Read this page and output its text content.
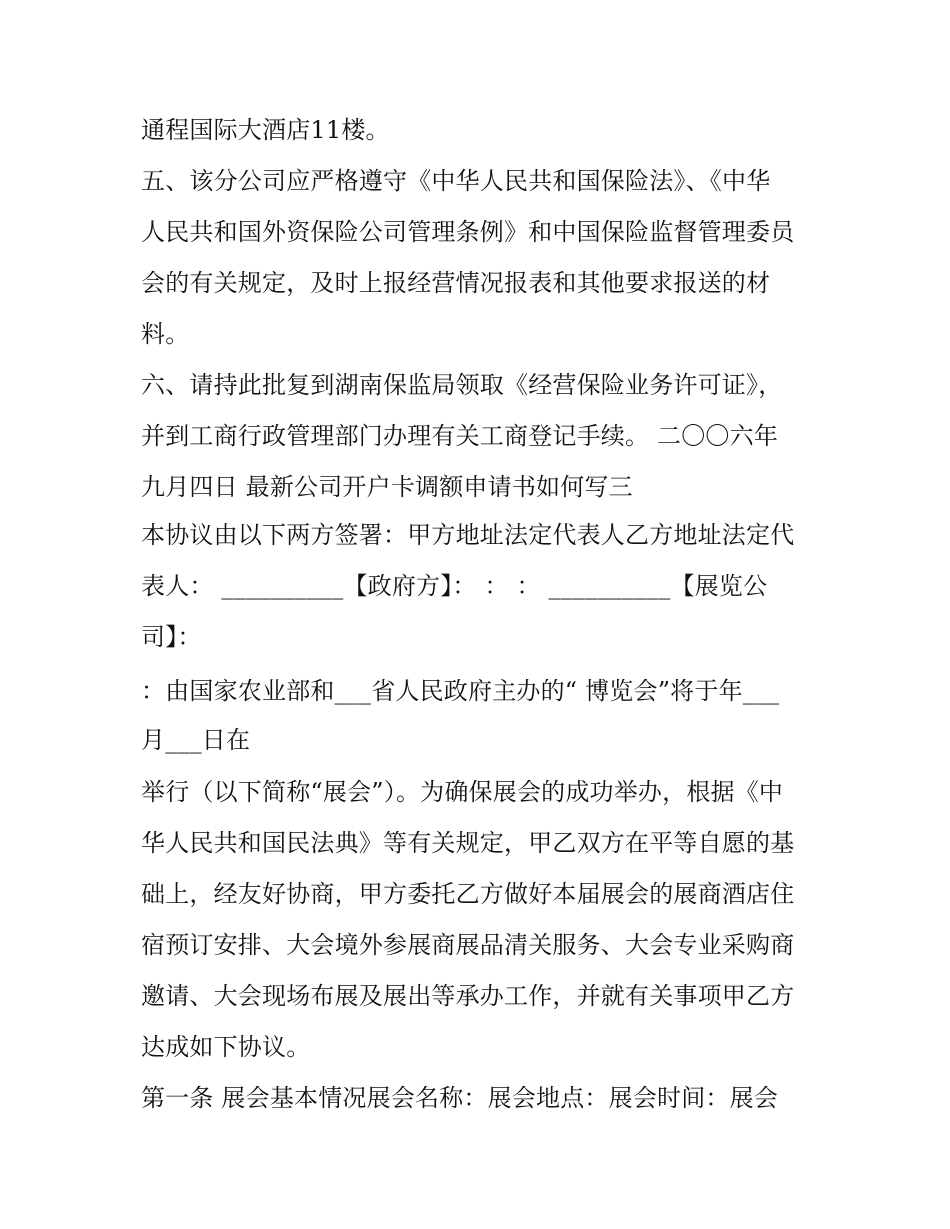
通程国际大酒店11楼。
五、该分公司应严格遵守《中华人民共和国保险法》、《中华
人民共和国外资保险公司管理条例》和中国保险监督管理委员
会的有关规定，及时上报经营情况报表和其他要求报送的材
料。
六、请持此批复到湖南保监局领取《经营保险业务许可证》，
并到工商行政管理部门办理有关工商登记手续。 二〇〇六年
九月四日 最新公司开户卡调额申请书如何写三
本协议由以下两方签署：甲方地址法定代表人乙方地址法定代
表人： __________【政府方】： ： ： __________【展览公
司】：
：由国家农业部和___省人民政府主办的“ 博览会”将于年___
月___日在
举行（以下简称“展会”）。为确保展会的成功举办，根据《中
华人民共和国民法典》等有关规定，甲乙双方在平等自愿的基
础上，经友好协商，甲方委托乙方做好本届展会的展商酒店住
宿预订安排、大会境外参展商展品清关服务、大会专业采购商
邀请、大会现场布展及展出等承办工作，并就有关事项甲乙方
达成如下协议。
第一条 展会基本情况展会名称：展会地点：展会时间：展会
